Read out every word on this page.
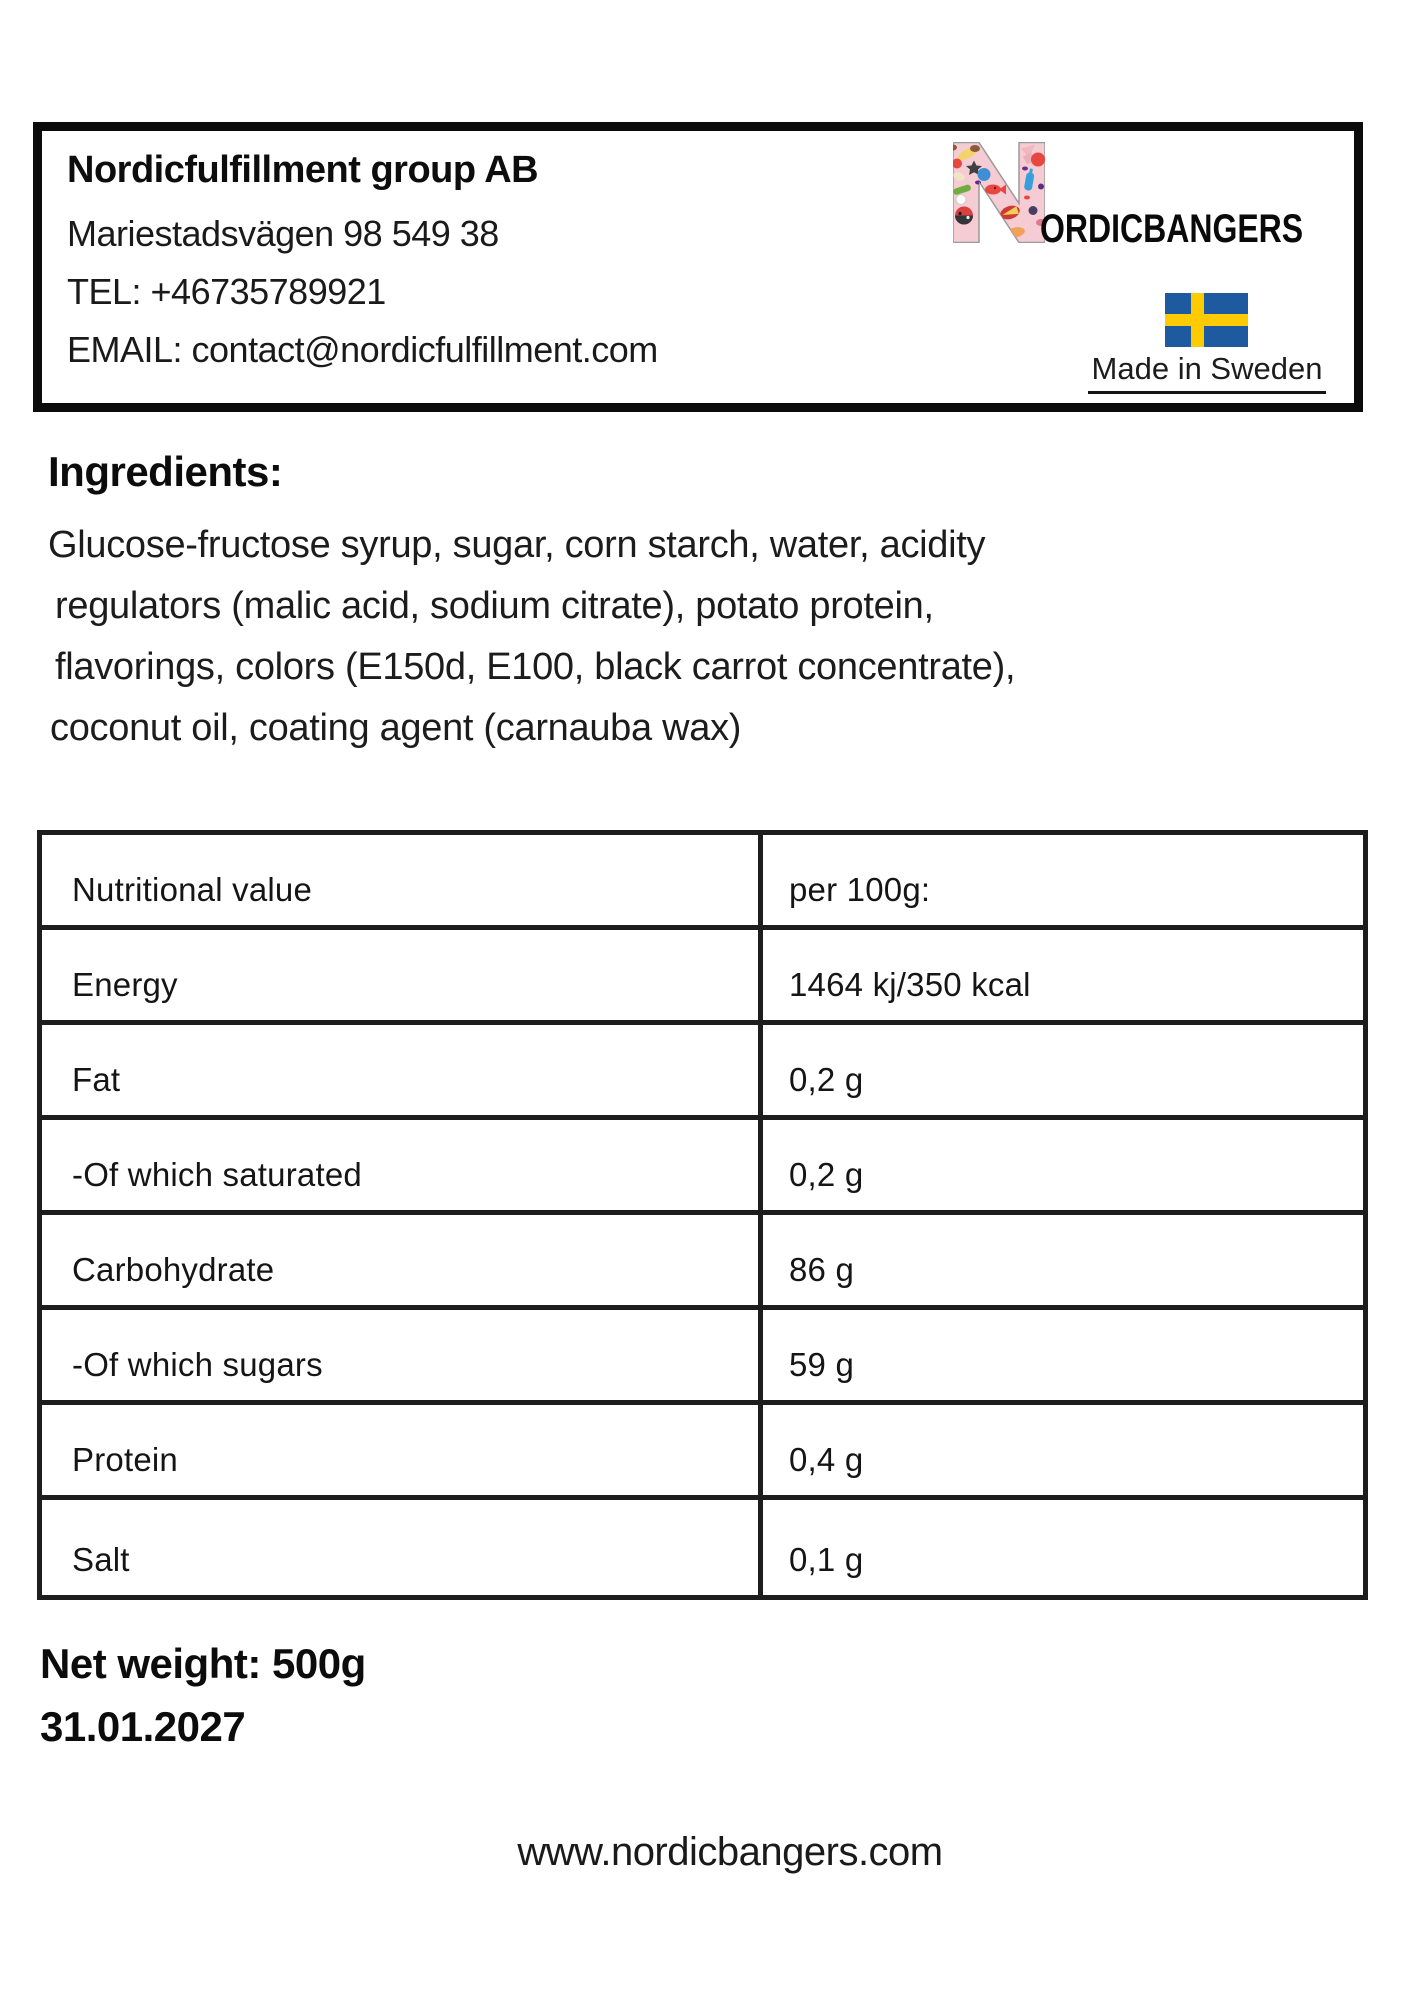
Nordicfulfillment group AB
Mariestadsvägen 98 549 38
TEL: +46735789921
EMAIL: contact@nordicfulfillment.com
ORDICBANGERS
Made in Sweden
Ingredients:
Glucose-fructose syrup, sugar, corn starch, water, acidity
regulators (malic acid, sodium citrate), potato protein,
flavorings, colors (E150d, E100, black carrot concentrate),
coconut oil, coating agent (carnauba wax)
Nutritional value	per 100g:
Energy	1464 kj/350 kcal
Fat	0,2 g
-Of which saturated	0,2 g
Carbohydrate	86 g
-Of which sugars	59 g
Protein	0,4 g
Salt	0,1 g
Net weight: 500g
31.01.2027
www.nordicbangers.com
